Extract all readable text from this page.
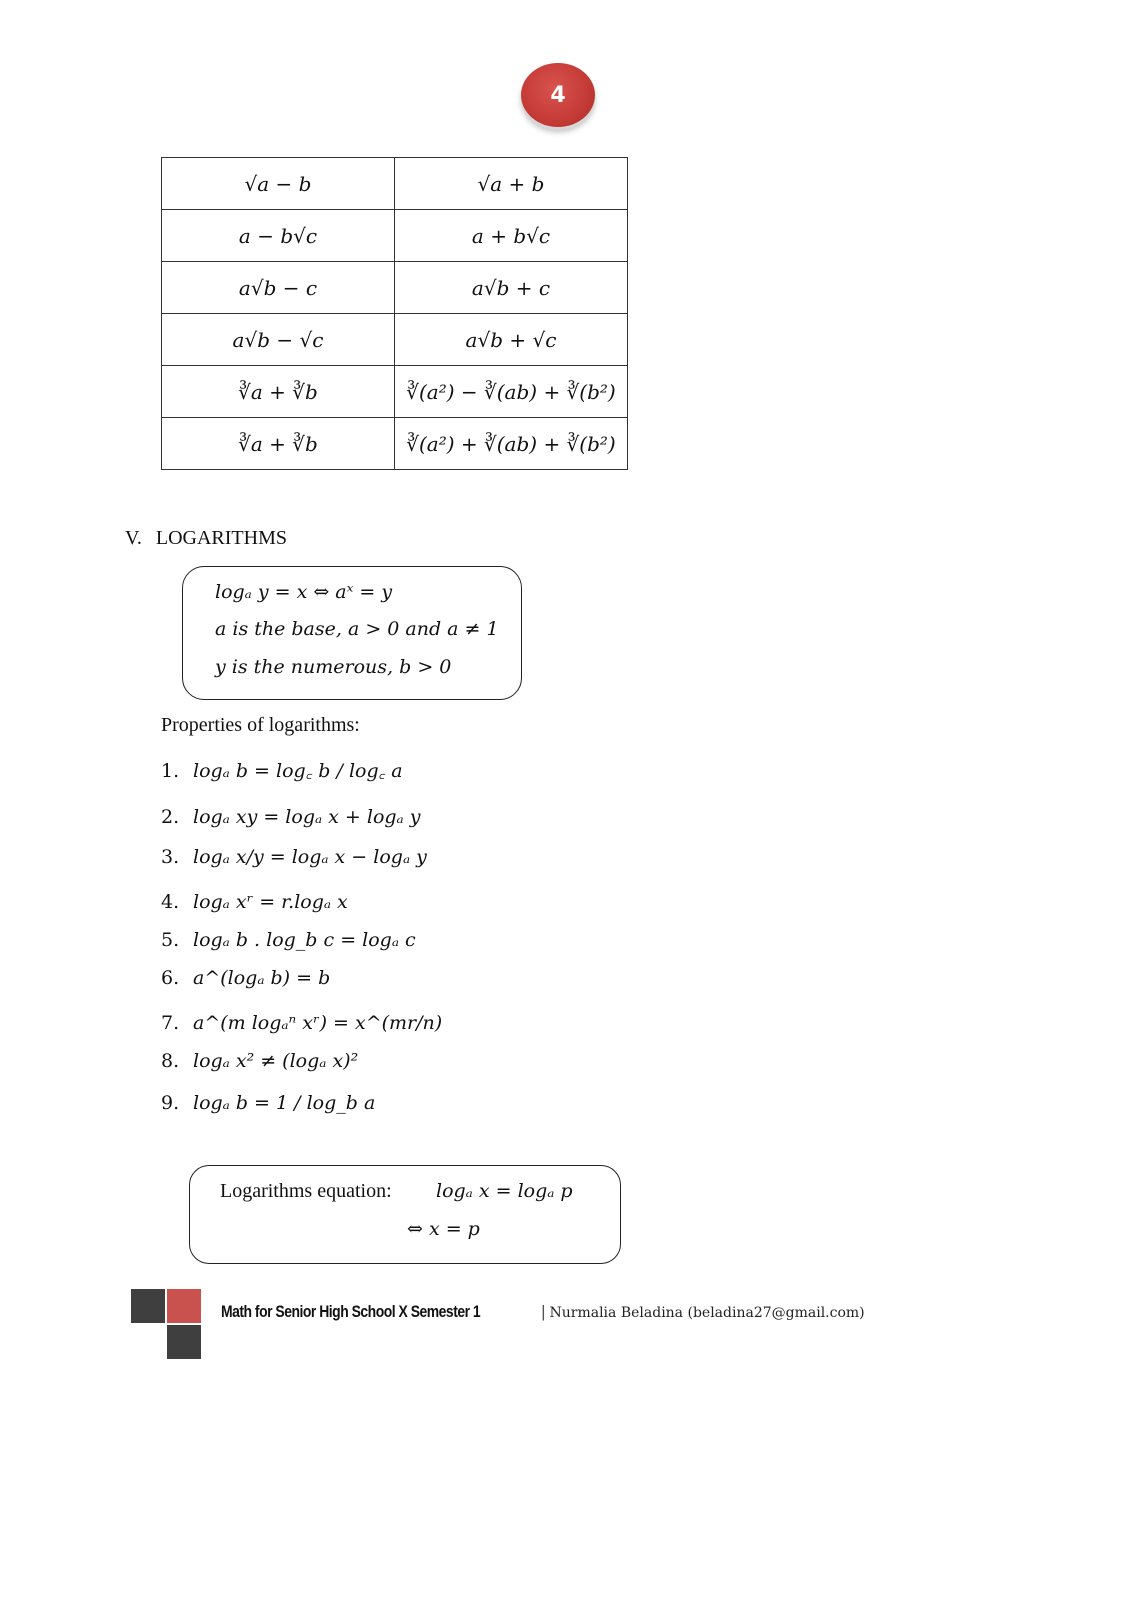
4
√a − b	√a + b
a − b√c	a + b√c
a√b − c	a√b + c
a√b − √c	a√b + √c
∛a + ∛b	∛(a²) − ∛(ab) + ∛(b²)
∛a + ∛b	∛(a²) + ∛(ab) + ∛(b²)
V. LOGARITHMS
logₐ y = x ⇔ aˣ = y
a is the base, a > 0 and a ≠ 1
y is the numerous, b > 0
Properties of logarithms:
1. logₐ b = log꜀ b / log꜀ a
2. logₐ xy = logₐ x + logₐ y
3. logₐ x/y = logₐ x − logₐ y
4. logₐ xʳ = r.logₐ x
5. logₐ b . log_b c = logₐ c
6. a^(logₐ b) = b
7. a^(m logₐⁿ xʳ) = x^(mr/n)
8. logₐ x² ≠ (logₐ x)²
9. logₐ b = 1 / log_b a
Logarithms equation: logₐ x = logₐ p
⇔ x = p
Math for Senior High School X Semester 1	| Nurmalia Beladina (beladina27@gmail.com)
